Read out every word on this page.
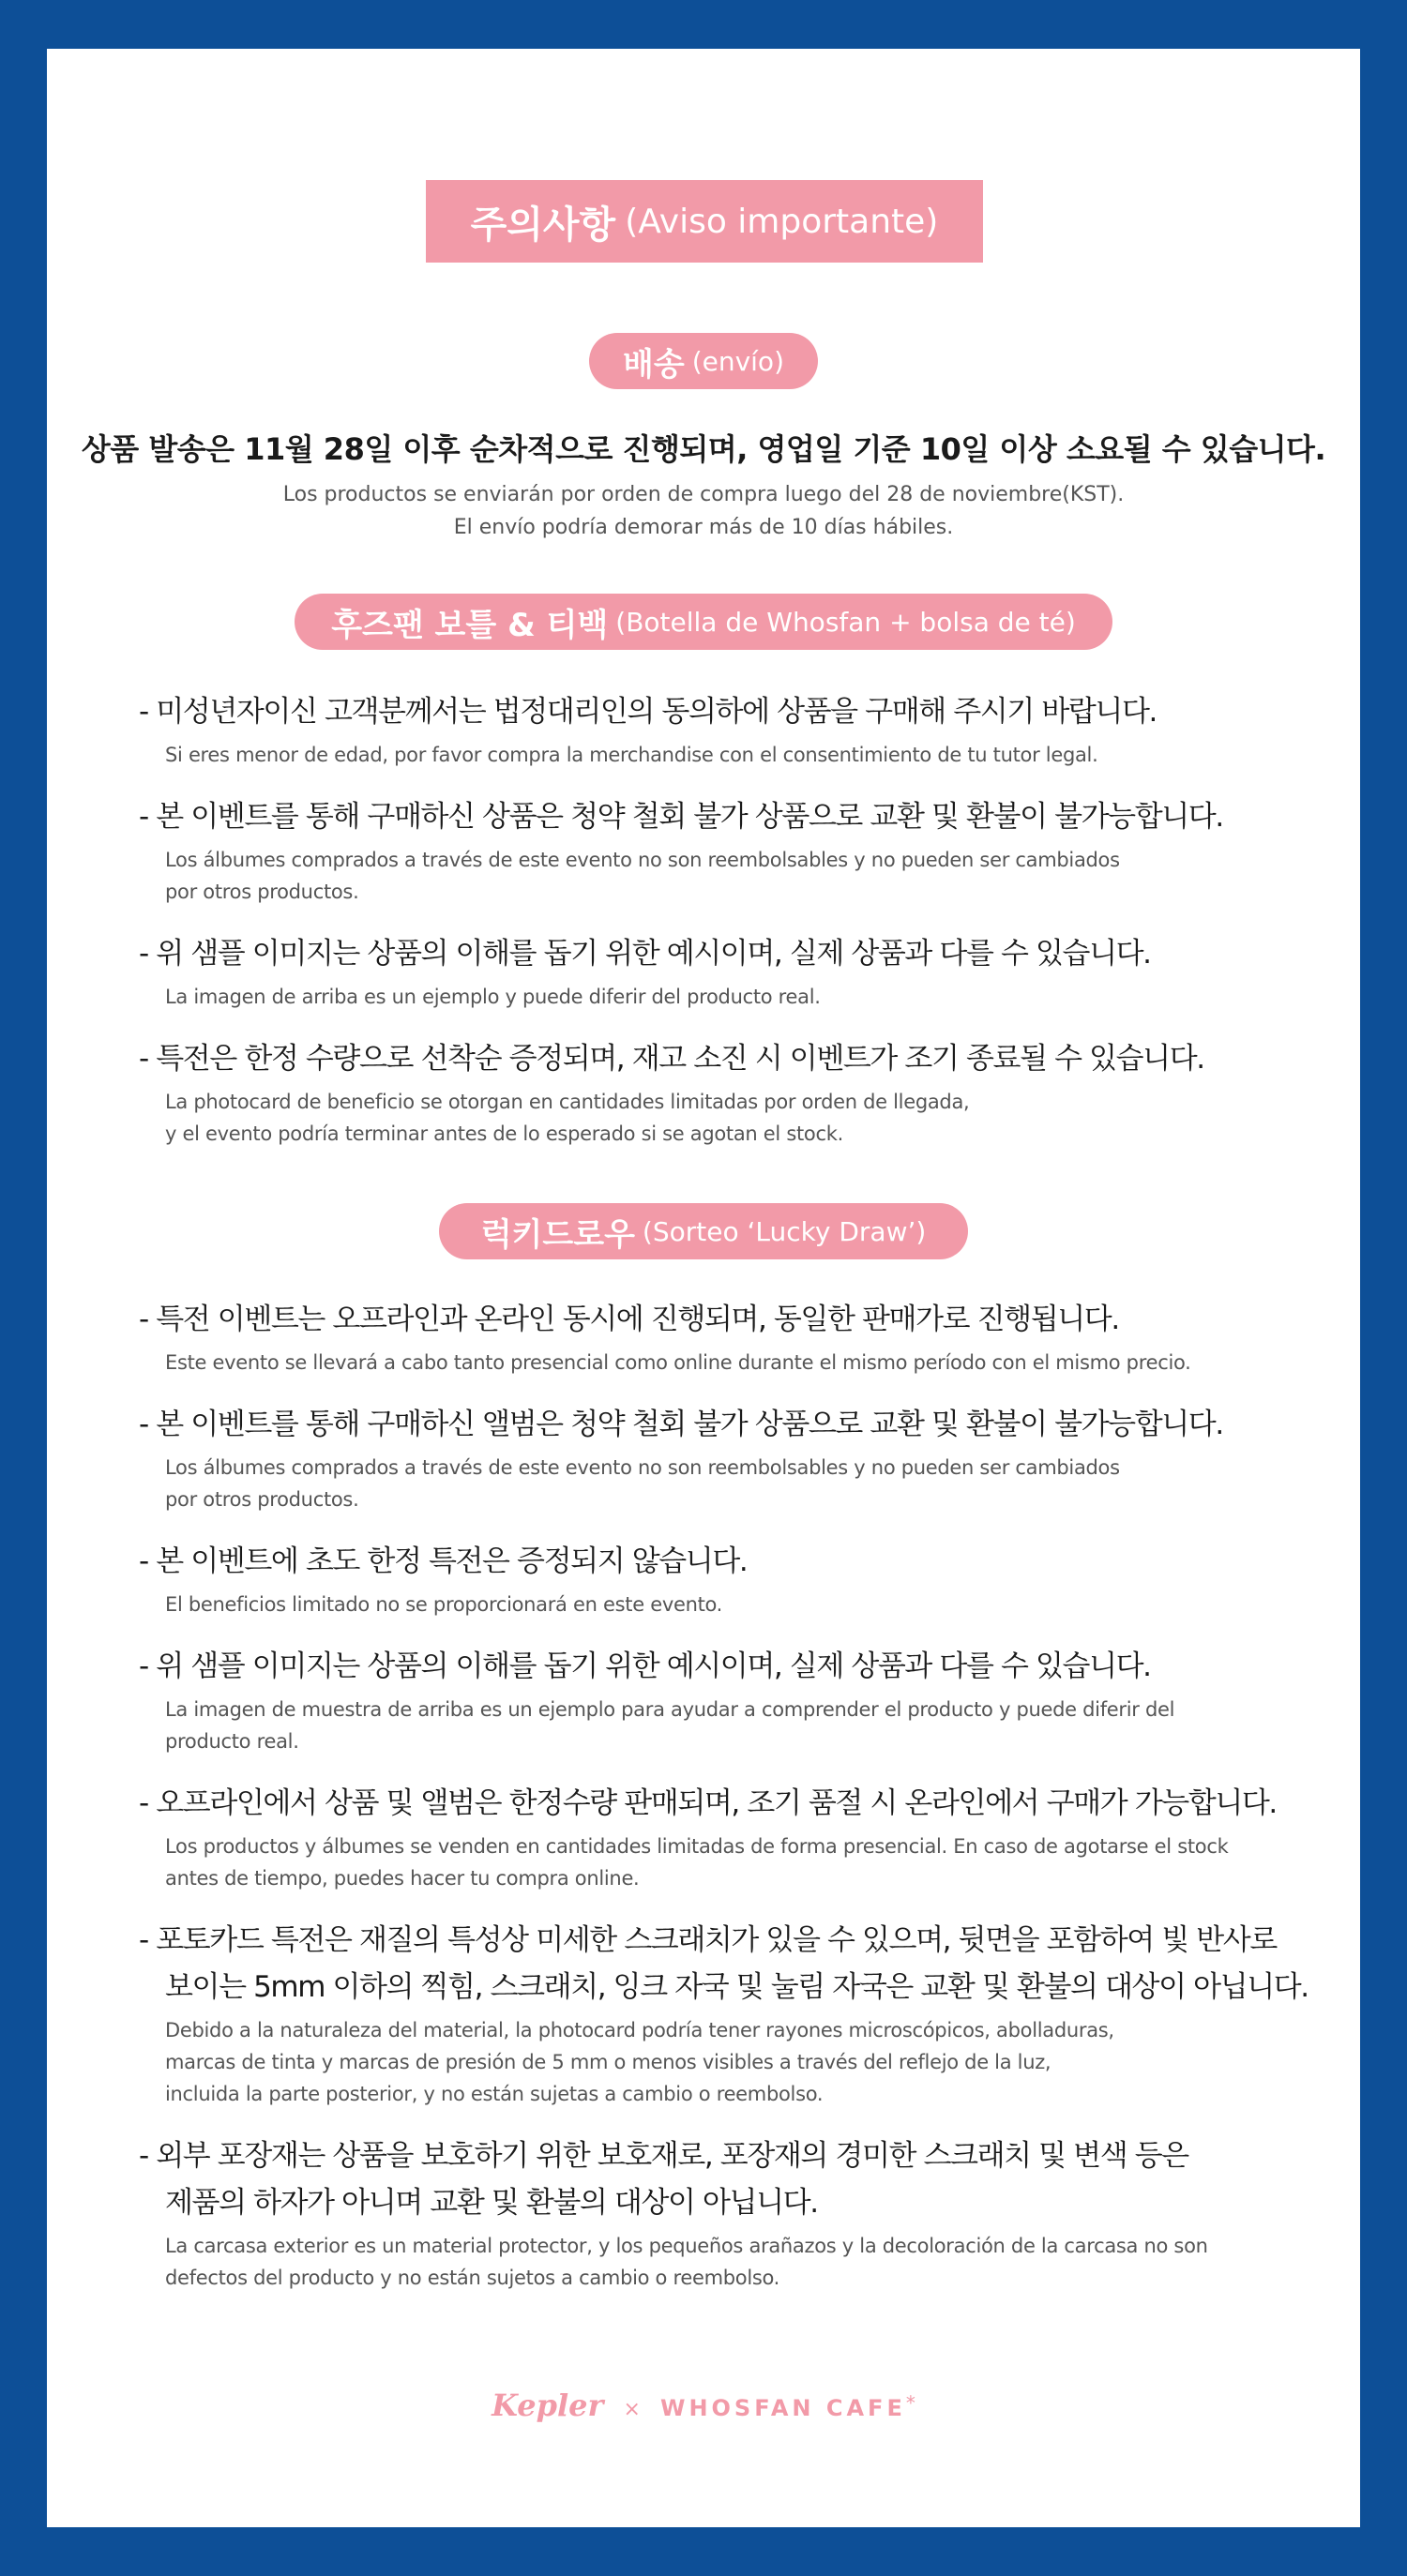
주의사항 (Aviso importante)
배송 (envío)
상품 발송은 11월 28일 이후 순차적으로 진행되며, 영업일 기준 10일 이상 소요될 수 있습니다.
Los productos se enviarán por orden de compra luego del 28 de noviembre(KST).
El envío podría demorar más de 10 días hábiles.
후즈팬 보틀 & 티백 (Botella de Whosfan + bolsa de té)
- 미성년자이신 고객분께서는 법정대리인의 동의하에 상품을 구매해 주시기 바랍니다.
Si eres menor de edad, por favor compra la merchandise con el consentimiento de tu tutor legal.
- 본 이벤트를 통해 구매하신 상품은 청약 철회 불가 상품으로 교환 및 환불이 불가능합니다.
Los álbumes comprados a través de este evento no son reembolsables y no pueden ser cambiados
por otros productos.
- 위 샘플 이미지는 상품의 이해를 돕기 위한 예시이며, 실제 상품과 다를 수 있습니다.
La imagen de arriba es un ejemplo y puede diferir del producto real.
- 특전은 한정 수량으로 선착순 증정되며, 재고 소진 시 이벤트가 조기 종료될 수 있습니다.
La photocard de beneficio se otorgan en cantidades limitadas por orden de llegada,
y el evento podría terminar antes de lo esperado si se agotan el stock.
럭키드로우 (Sorteo ‘Lucky Draw’)
- 특전 이벤트는 오프라인과 온라인 동시에 진행되며, 동일한 판매가로 진행됩니다.
Este evento se llevará a cabo tanto presencial como online durante el mismo período con el mismo precio.
- 본 이벤트를 통해 구매하신 앨범은 청약 철회 불가 상품으로 교환 및 환불이 불가능합니다.
Los álbumes comprados a través de este evento no son reembolsables y no pueden ser cambiados
por otros productos.
- 본 이벤트에 초도 한정 특전은 증정되지 않습니다.
El beneficios limitado no se proporcionará en este evento.
- 위 샘플 이미지는 상품의 이해를 돕기 위한 예시이며, 실제 상품과 다를 수 있습니다.
La imagen de muestra de arriba es un ejemplo para ayudar a comprender el producto y puede diferir del
producto real.
- 오프라인에서 상품 및 앨범은 한정수량 판매되며, 조기 품절 시 온라인에서 구매가 가능합니다.
Los productos y álbumes se venden en cantidades limitadas de forma presencial. En caso de agotarse el stock
antes de tiempo, puedes hacer tu compra online.
- 포토카드 특전은 재질의 특성상 미세한 스크래치가 있을 수 있으며, 뒷면을 포함하여 빛 반사로
보이는 5mm 이하의 찍힘, 스크래치, 잉크 자국 및 눌림 자국은 교환 및 환불의 대상이 아닙니다.
Debido a la naturaleza del material, la photocard podría tener rayones microscópicos, abolladuras,
marcas de tinta y marcas de presión de 5 mm o menos visibles a través del reflejo de la luz,
incluida la parte posterior, y no están sujetas a cambio o reembolso.
- 외부 포장재는 상품을 보호하기 위한 보호재로, 포장재의 경미한 스크래치 및 변색 등은
제품의 하자가 아니며 교환 및 환불의 대상이 아닙니다.
La carcasa exterior es un material protector, y los pequeños arañazos y la decoloración de la carcasa no son
defectos del producto y no están sujetos a cambio o reembolso.
Kepler × WHOSFAN CAFE*
